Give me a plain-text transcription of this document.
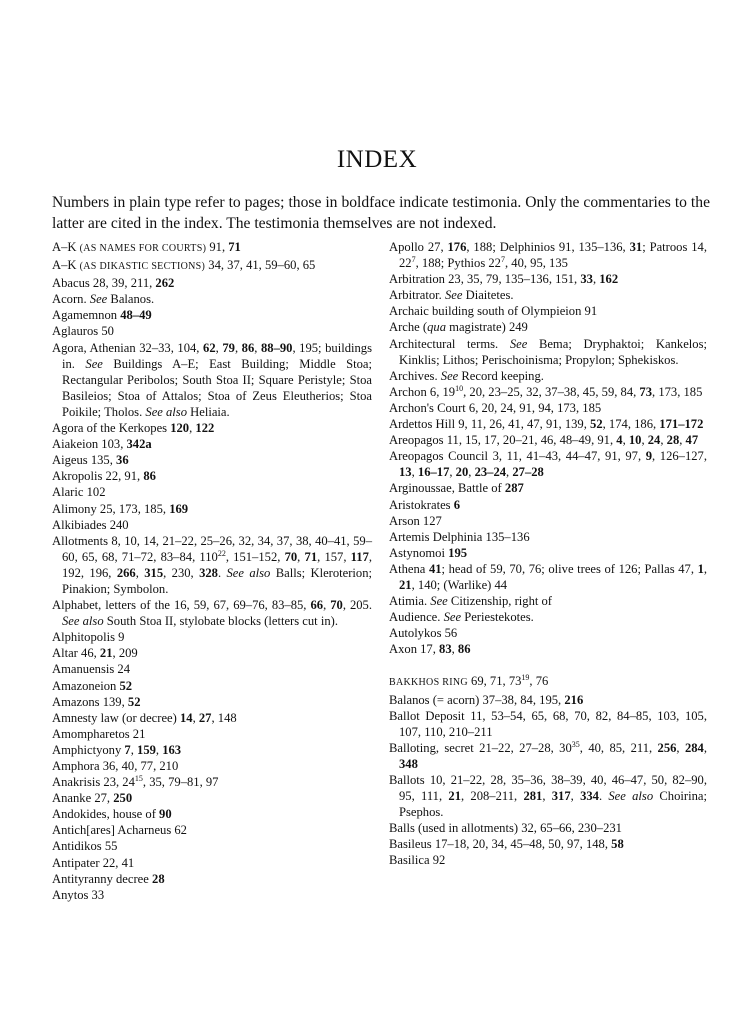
INDEX
Numbers in plain type refer to pages; those in boldface indicate testimonia. Only the commentaries to the latter are cited in the index. The testimonia themselves are not indexed.
A–K (AS NAMES FOR COURTS) 91, 71
A–K (AS DIKASTIC SECTIONS) 34, 37, 41, 59–60, 65
Abacus 28, 39, 211, 262
Acorn. See Balanos.
Agamemnon 48–49
Aglauros 50
Agora, Athenian 32–33, 104, 62, 79, 86, 88–90, 195; buildings in. See Buildings A–E; East Building; Middle Stoa; Rectangular Peribolos; South Stoa II; Square Peristyle; Stoa Basileios; Stoa of Attalos; Stoa of Zeus Eleutherios; Stoa Poikile; Tholos. See also Heliaia.
Agora of the Kerkopes 120, 122
Aiakeion 103, 342a
Aigeus 135, 36
Akropolis 22, 91, 86
Alaric 102
Alimony 25, 173, 185, 169
Alkibiades 240
Allotments 8, 10, 14, 21–22, 25–26, 32, 34, 37, 38, 40–41, 59–60, 65, 68, 71–72, 83–84, $110^{22}$, 151–152, 70, 71, 157, 117, 192, 196, 266, 315, 230, 328. See also Balls; Kleroterion; Pinakion; Symbolon.
Alphabet, letters of the 16, 59, 67, 69–76, 83–85, 66, 70, 205. See also South Stoa II, stylobate blocks (letters cut in).
Alphitopolis 9
Altar 46, 21, 209
Amanuensis 24
Amazoneion 52
Amazons 139, 52
Amnesty law (or decree) 14, 27, 148
Amompharetos 21
Amphictyony 7, 159, 163
Amphora 36, 40, 77, 210
Anakrisis 23, $24^{15}$, 35, 79–81, 97
Ananke 27, 250
Andokides, house of 90
Antich[ares] Acharneus 62
Antidikos 55
Antipater 22, 41
Antityranny decree 28
Anytos 33
Apollo 27, 176, 188; Delphinios 91, 135–136, 31; Patroos 14, $22^7$, 188; Pythios $22^7$, 40, 95, 135
Arbitration 23, 35, 79, 135–136, 151, 33, 162
Arbitrator. See Diaitetes.
Archaic building south of Olympieion 91
Arche (qua magistrate) 249
Architectural terms. See Bema; Dryphaktoi; Kankelos; Kinklis; Lithos; Perischoinisma; Propylon; Sphekiskos.
Archives. See Record keeping.
Archon 6, $19^{10}$, 20, 23–25, 32, 37–38, 45, 59, 84, 73, 173, 185
Archon's Court 6, 20, 24, 91, 94, 173, 185
Ardettos Hill 9, 11, 26, 41, 47, 91, 139, 52, 174, 186, 171–172
Areopagos 11, 15, 17, 20–21, 46, 48–49, 91, 4, 10, 24, 28, 47
Areopagos Council 3, 11, 41–43, 44–47, 91, 97, 9, 126–127, 13, 16–17, 20, 23–24, 27–28
Arginoussae, Battle of 287
Aristokrates 6
Arson 127
Artemis Delphinia 135–136
Astynomoi 195
Athena 41; head of 59, 70, 76; olive trees of 126; Pallas 47, 1, 21, 140; (Warlike) 44
Atimia. See Citizenship, right of
Audience. See Periestekotes.
Autolykos 56
Axon 17, 83, 86
BAKKHOS RING 69, 71, $73^{19}$, 76
Balanos (= acorn) 37–38, 84, 195, 216
Ballot Deposit 11, 53–54, 65, 68, 70, 82, 84–85, 103, 105, 107, 110, 210–211
Balloting, secret 21–22, 27–28, $30^{35}$, 40, 85, 211, 256, 284, 348
Ballots 10, 21–22, 28, 35–36, 38–39, 40, 46–47, 50, 82–90, 95, 111, 21, 208–211, 281, 317, 334. See also Choirina; Psephos.
Balls (used in allotments) 32, 65–66, 230–231
Basileus 17–18, 20, 34, 45–48, 50, 97, 148, 58
Basilica 92
